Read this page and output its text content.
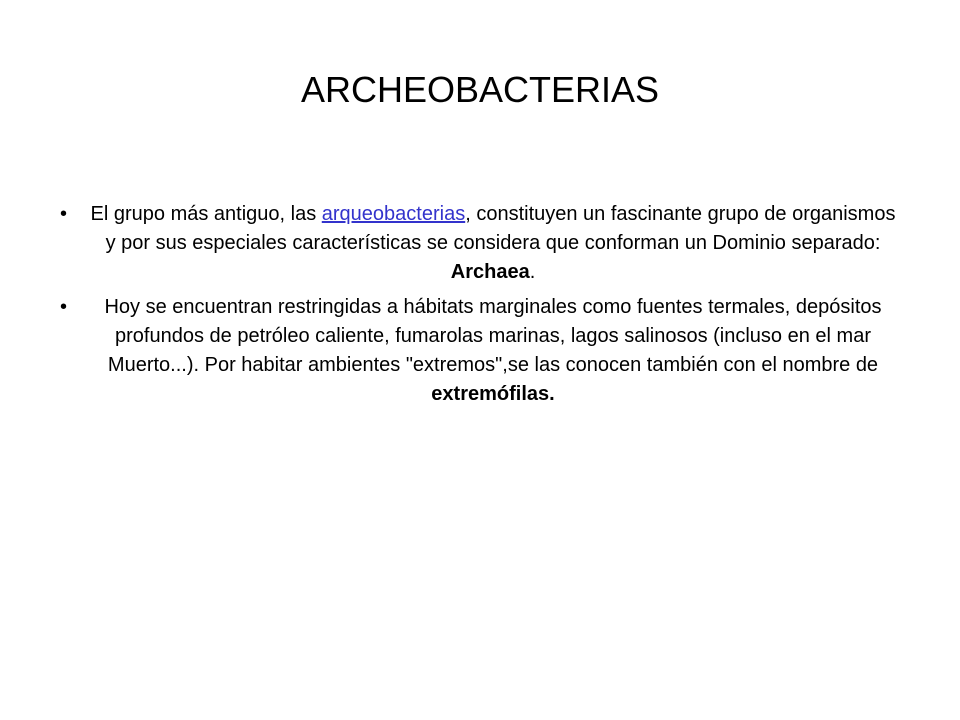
ARCHEOBACTERIAS
•	El grupo más antiguo, las arqueobacterias, constituyen un fascinante grupo de organismos y por sus especiales características se considera que conforman un Dominio separado: Archaea.
•	Hoy se encuentran restringidas a hábitats marginales como fuentes termales, depósitos profundos de petróleo caliente, fumarolas marinas, lagos salinosos (incluso en el mar Muerto...). Por habitar ambientes "extremos",se las conocen también con el nombre de extremófilas.
